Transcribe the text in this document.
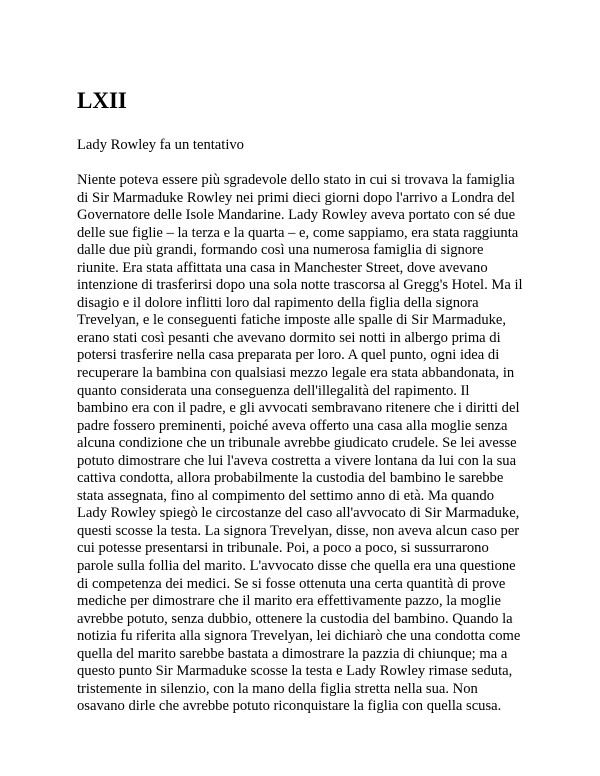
LXII

Lady Rowley fa un tentativo

Niente poteva essere più sgradevole dello stato in cui si trovava la famiglia
di Sir Marmaduke Rowley nei primi dieci giorni dopo l'arrivo a Londra del
Governatore delle Isole Mandarine. Lady Rowley aveva portato con sé due
delle sue figlie – la terza e la quarta – e, come sappiamo, era stata raggiunta
dalle due più grandi, formando così una numerosa famiglia di signore
riunite. Era stata affittata una casa in Manchester Street, dove avevano
intenzione di trasferirsi dopo una sola notte trascorsa al Gregg's Hotel. Ma il
disagio e il dolore inflitti loro dal rapimento della figlia della signora
Trevelyan, e le conseguenti fatiche imposte alle spalle di Sir Marmaduke,
erano stati così pesanti che avevano dormito sei notti in albergo prima di
potersi trasferire nella casa preparata per loro. A quel punto, ogni idea di
recuperare la bambina con qualsiasi mezzo legale era stata abbandonata, in
quanto considerata una conseguenza dell'illegalità del rapimento. Il
bambino era con il padre, e gli avvocati sembravano ritenere che i diritti del
padre fossero preminenti, poiché aveva offerto una casa alla moglie senza
alcuna condizione che un tribunale avrebbe giudicato crudele. Se lei avesse
potuto dimostrare che lui l'aveva costretta a vivere lontana da lui con la sua
cattiva condotta, allora probabilmente la custodia del bambino le sarebbe
stata assegnata, fino al compimento del settimo anno di età. Ma quando
Lady Rowley spiegò le circostanze del caso all'avvocato di Sir Marmaduke,
questi scosse la testa. La signora Trevelyan, disse, non aveva alcun caso per
cui potesse presentarsi in tribunale. Poi, a poco a poco, si sussurrarono
parole sulla follia del marito. L'avvocato disse che quella era una questione
di competenza dei medici. Se si fosse ottenuta una certa quantità di prove
mediche per dimostrare che il marito era effettivamente pazzo, la moglie
avrebbe potuto, senza dubbio, ottenere la custodia del bambino. Quando la
notizia fu riferita alla signora Trevelyan, lei dichiarò che una condotta come
quella del marito sarebbe bastata a dimostrare la pazzia di chiunque; ma a
questo punto Sir Marmaduke scosse la testa e Lady Rowley rimase seduta,
tristemente in silenzio, con la mano della figlia stretta nella sua. Non
osavano dirle che avrebbe potuto riconquistare la figlia con quella scusa.
